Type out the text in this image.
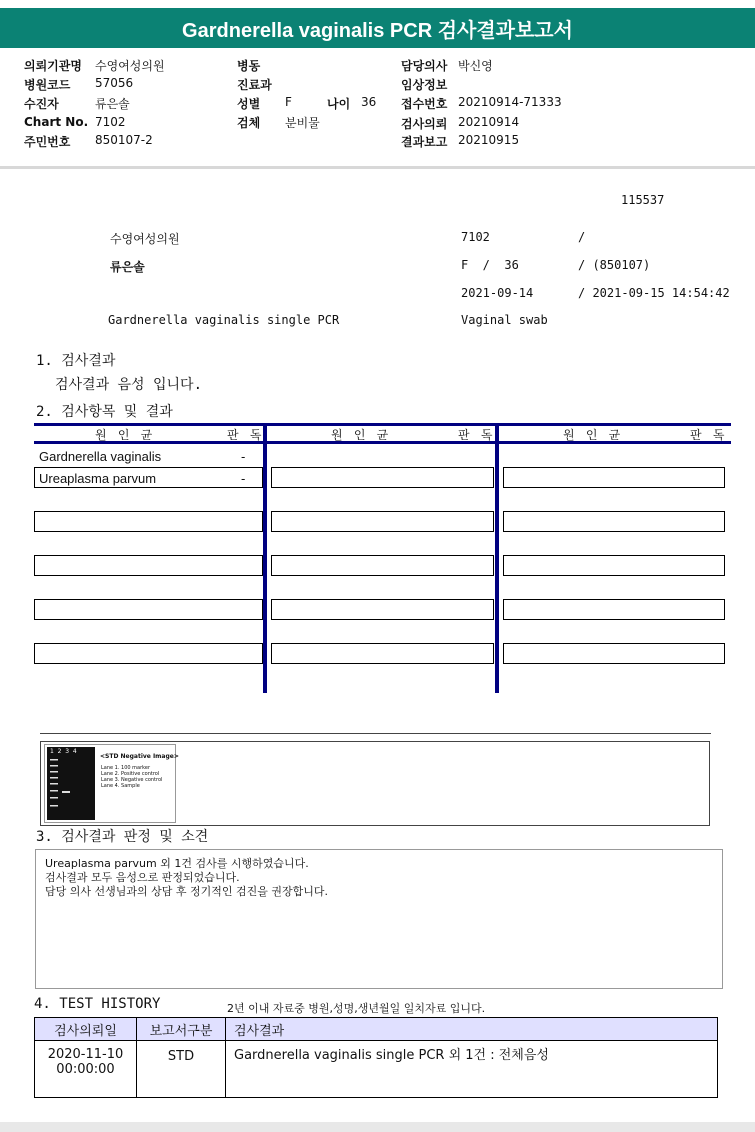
Gardnerella vaginalis PCR 검사결과보고서
의뢰기관명 수영여성의원
병원코드 57056
수진자	류은솔
Chart No. 7102
주민번호 850107-2
병동
진료과
성별 F	나이 36
검체 분비물
담당의사 박신영
임상정보
접수번호 20210914-71333
검사의뢰 20210914
결과보고 20210915
115537
수영여성의원	7102	/
류은솔	F  /  36	/ (850107)
2021-09-14	/ 2021-09-15 14:54:42
Gardnerella vaginalis single PCR	Vaginal swab
1. 검사결과
검사결과 음성 입니다.
2. 검사항목 및 결과
원 인 균	판 독	원 인 균	판 독	원 인 균	판 독
Gardnerella vaginalis	-
Ureaplasma parvum	-
1  2  3  4
<STD Negative Image>
Lane 1. 100 marker
Lane 2. Positive control
Lane 3. Negative control
Lane 4. Sample
3. 검사결과 판정 및 소견
Ureaplasma parvum 외 1건 검사를 시행하였습니다.
검사결과 모두 음성으로 판정되었습니다.
담당 의사 선생님과의 상담 후 정기적인 검진을 권장합니다.
4. TEST HISTORY	2년 이내 자료중 병원,성명,생년월일 일치자료 입니다.
검사의뢰일	보고서구분	검사결과

2020-11-10
00:00:00	STD	Gardnerella vaginalis single PCR 외 1건 : 전체음성
